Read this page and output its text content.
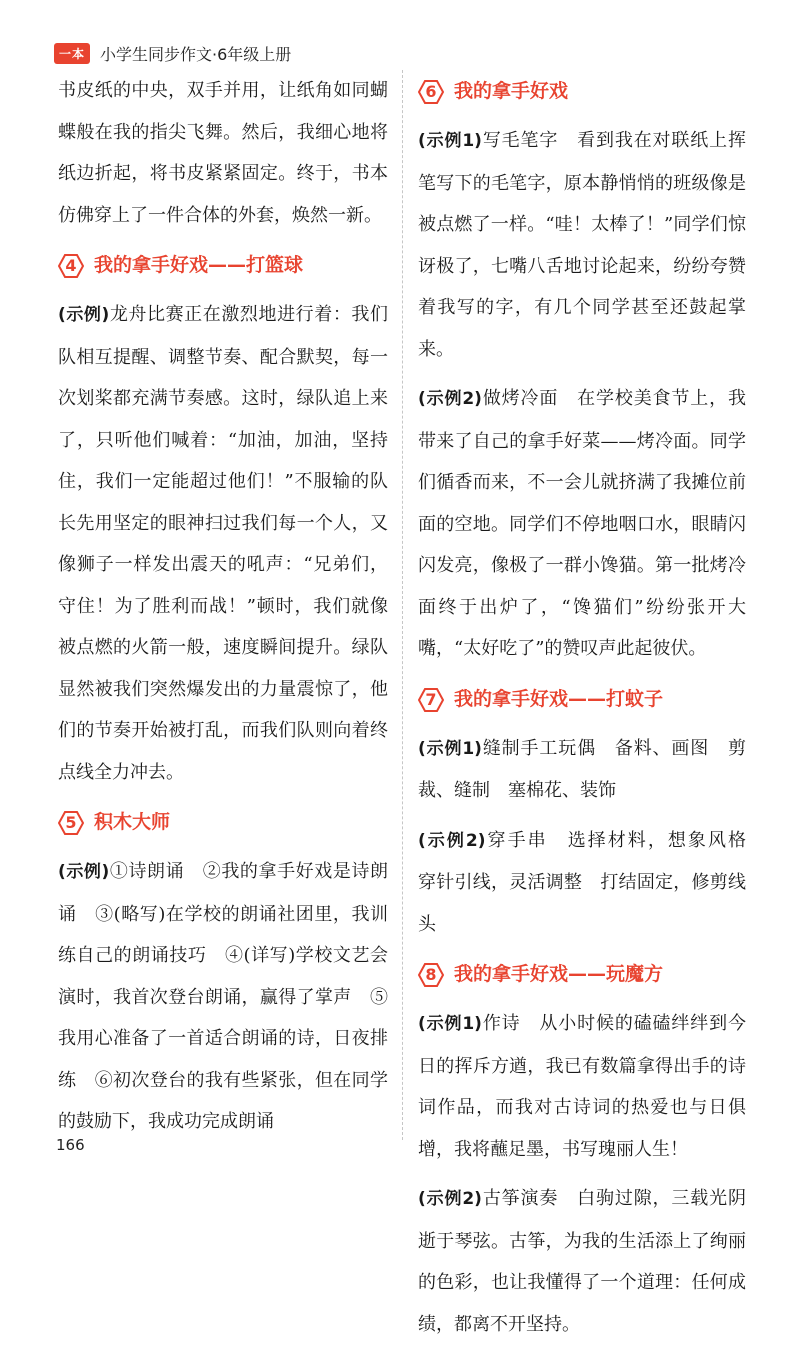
一本 小学生同步作文·6年级上册

书皮纸的中央，双手并用，让纸角如同蝴蝶般在我的指尖飞舞。然后，我细心地将纸边折起，将书皮紧紧固定。终于，书本仿佛穿上了一件合体的外套，焕然一新。

4 我的拿手好戏——打篮球

(示例)龙舟比赛正在激烈地进行着：我们队相互提醒、调整节奏、配合默契，每一次划桨都充满节奏感。这时，绿队追上来了，只听他们喊着：“加油，加油，坚持住，我们一定能超过他们！”不服输的队长先用坚定的眼神扫过我们每一个人，又像狮子一样发出震天的吼声：“兄弟们，守住！为了胜利而战！”顿时，我们就像被点燃的火箭一般，速度瞬间提升。绿队显然被我们突然爆发出的力量震惊了，他们的节奏开始被打乱，而我们队则向着终点线全力冲去。

5 积木大师

(示例)①诗朗诵　②我的拿手好戏是诗朗诵　③(略写)在学校的朗诵社团里，我训练自己的朗诵技巧　④(详写)学校文艺会演时，我首次登台朗诵，赢得了掌声　⑤我用心准备了一首适合朗诵的诗，日夜排练　⑥初次登台的我有些紧张，但在同学的鼓励下，我成功完成朗诵

6 我的拿手好戏

(示例1)写毛笔字　看到我在对联纸上挥笔写下的毛笔字，原本静悄悄的班级像是被点燃了一样。“哇！太棒了！”同学们惊讶极了，七嘴八舌地讨论起来，纷纷夸赞着我写的字，有几个同学甚至还鼓起掌来。

(示例2)做烤冷面　在学校美食节上，我带来了自己的拿手好菜——烤冷面。同学们循香而来，不一会儿就挤满了我摊位前面的空地。同学们不停地咽口水，眼睛闪闪发亮，像极了一群小馋猫。第一批烤冷面终于出炉了，“馋猫们”纷纷张开大嘴，“太好吃了”的赞叹声此起彼伏。

7 我的拿手好戏——打蚊子

(示例1)缝制手工玩偶　备料、画图　剪裁、缝制　塞棉花、装饰

(示例2)穿手串　选择材料，想象风格　穿针引线，灵活调整　打结固定，修剪线头

8 我的拿手好戏——玩魔方

(示例1)作诗　从小时候的磕磕绊绊到今日的挥斥方遒，我已有数篇拿得出手的诗词作品，而我对古诗词的热爱也与日俱增，我将蘸足墨，书写瑰丽人生！

(示例2)古筝演奏　白驹过隙，三载光阴逝于琴弦。古筝，为我的生活添上了绚丽的色彩，也让我懂得了一个道理：任何成绩，都离不开坚持。

166
